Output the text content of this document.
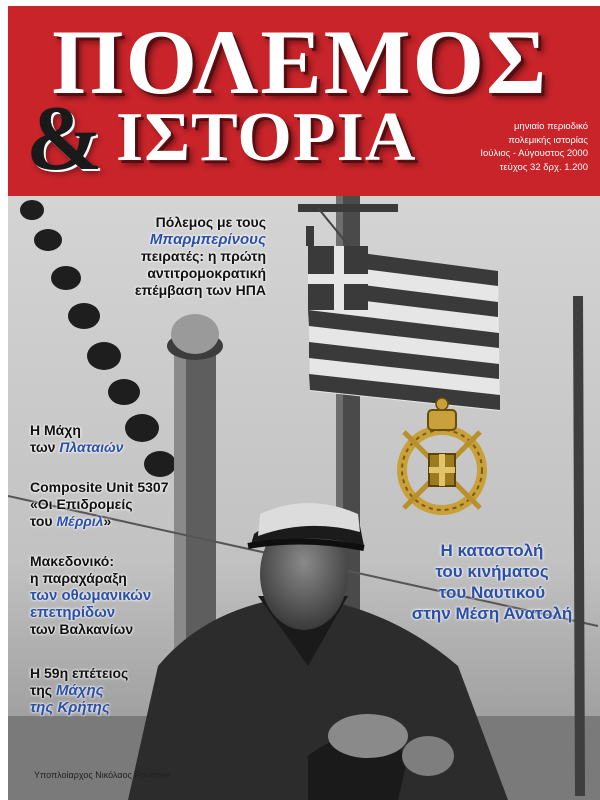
ΠΟΛΕΜΟΣ
& ΙΣΤΟΡΙΑ	μηνιαίο περιοδικό
πολεμικής ιστορίας
Ιούλιος - Αύγουστος 2000
τεύχος 32 δρχ. 1.200
Πόλεμος με τους
Μπαρμπερίνους
πειρατές: η πρώτη
αντιτρομοκρατική
επέμβαση των ΗΠΑ
Η Μάχη
των Πλαταιών
Composite Unit 5307
«Οι Επιδρομείς
του Μέρριλ»
Μακεδονικό:
η παραχάραξη
των οθωμανικών
επετηρίδων
των Βαλκανίων
Η 59η επέτειος
της Μάχης
της Κρήτης
Η καταστολή
του κινήματος
του Ναυτικού
στην Μέση Ανατολή
Υποπλοίαρχος Νικόλαος Ρουσσεν
